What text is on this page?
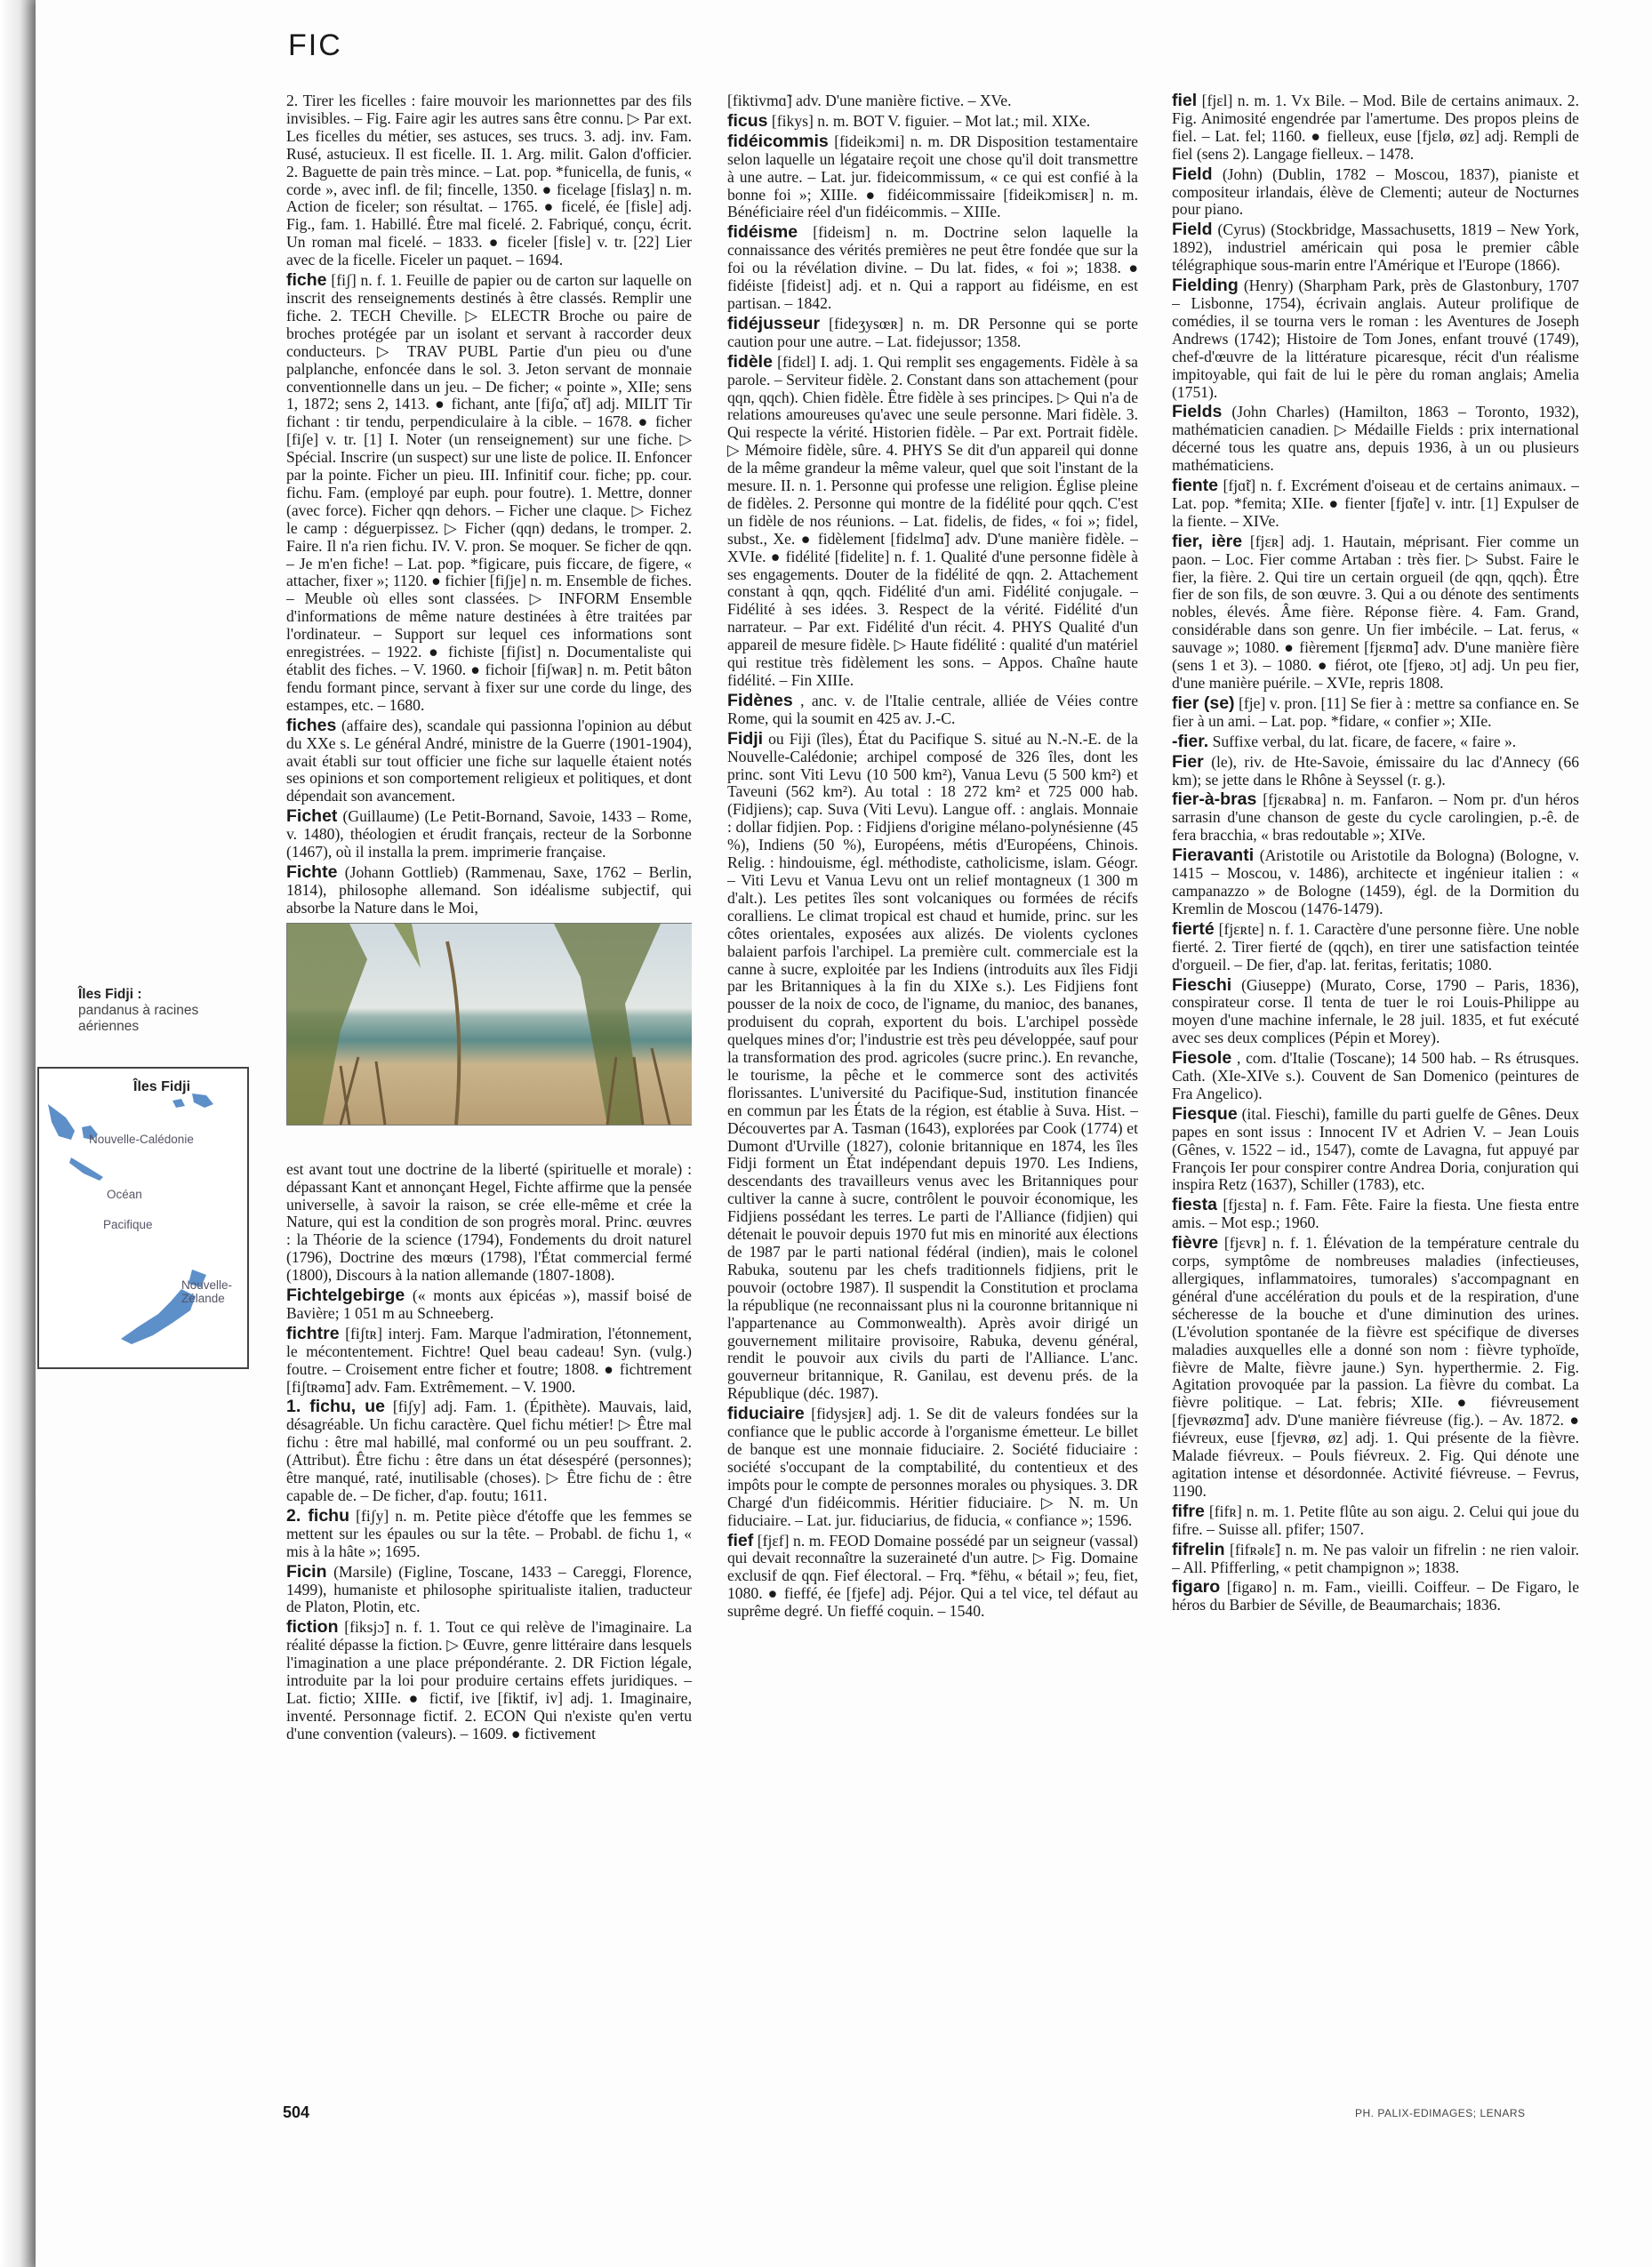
FIC
Îles Fidji :
pandanus à racines aériennes
Îles Fidji
Nouvelle-Calédonie
Océan
Pacifique
Nouvelle-Zélande

2. Tirer les ficelles : faire mouvoir les marionnettes par des fils invisibles. – Fig. Faire agir les autres sans être connu. ▷ Par ext. Les ficelles du métier, ses astuces, ses trucs. 3. adj. inv. Fam. Rusé, astucieux. Il est ficelle. II. 1. Arg. milit. Galon d'officier. 2. Baguette de pain très mince. – Lat. pop. *funicella, de funis, « corde », avec infl. de fil; fincelle, 1350. ● ficelage [fislaʒ] n. m. Action de ficeler; son résultat. – 1765. ● ficelé, ée [fisle] adj. Fig., fam. 1. Habillé. Être mal ficelé. 2. Fabriqué, conçu, écrit. Un roman mal ficelé. – 1833. ● ficeler [fisle] v. tr. [22] Lier avec de la ficelle. Ficeler un paquet. – 1694.

fiche [fiʃ] n. f. 1. Feuille de papier ou de carton sur laquelle on inscrit des renseignements destinés à être classés. Remplir une fiche. 2. TECH Cheville. ▷ ELECTR Broche ou paire de broches protégée par un isolant et servant à raccorder deux conducteurs. ▷ TRAV PUBL Partie d'un pieu ou d'une palplanche, enfoncée dans le sol. 3. Jeton servant de monnaie conventionnelle dans un jeu. – De ficher; « pointe », XIIe; sens 1, 1872; sens 2, 1413. ● fichant, ante [fiʃɑ̃, ɑ̃t] adj. MILIT Tir fichant : tir tendu, perpendiculaire à la cible. – 1678. ● ficher [fiʃe] v. tr. [1] I. Noter (un renseignement) sur une fiche. ▷ Spécial. Inscrire (un suspect) sur une liste de police. II. Enfoncer par la pointe. Ficher un pieu. III. Infinitif cour. fiche; pp. cour. fichu. Fam. (employé par euph. pour foutre). 1. Mettre, donner (avec force). Ficher qqn dehors. – Ficher une claque. ▷ Fichez le camp : déguerpissez. ▷ Ficher (qqn) dedans, le tromper. 2. Faire. Il n'a rien fichu. IV. V. pron. Se moquer. Se ficher de qqn. – Je m'en fiche! – Lat. pop. *figicare, puis ficcare, de figere, « attacher, fixer »; 1120. ● fichier [fiʃje] n. m. Ensemble de fiches. – Meuble où elles sont classées. ▷ INFORM Ensemble d'informations de même nature destinées à être traitées par l'ordinateur. – Support sur lequel ces informations sont enregistrées. – 1922. ● fichiste [fiʃist] n. Documentaliste qui établit des fiches. – V. 1960. ● fichoir [fiʃwaʀ] n. m. Petit bâton fendu formant pince, servant à fixer sur une corde du linge, des estampes, etc. – 1680.

fiches (affaire des), scandale qui passionna l'opinion au début du XXe s. Le général André, ministre de la Guerre (1901-1904), avait établi sur tout officier une fiche sur laquelle étaient notés ses opinions et son comportement religieux et politiques, et dont dépendait son avancement.

Fichet (Guillaume) (Le Petit-Bornand, Savoie, 1433 – Rome, v. 1480), théologien et érudit français, recteur de la Sorbonne (1467), où il installa la prem. imprimerie française.

Fichte (Johann Gottlieb) (Rammenau, Saxe, 1762 – Berlin, 1814), philosophe allemand. Son idéalisme subjectif, qui absorbe la Nature dans le Moi,

est avant tout une doctrine de la liberté (spirituelle et morale) : dépassant Kant et annonçant Hegel, Fichte affirme que la pensée universelle, à savoir la raison, se crée elle-même et crée la Nature, qui est la condition de son progrès moral. Princ. œuvres : la Théorie de la science (1794), Fondements du droit naturel (1796), Doctrine des mœurs (1798), l'État commercial fermé (1800), Discours à la nation allemande (1807-1808).

Fichtelgebirge (« monts aux épicéas »), massif boisé de Bavière; 1 051 m au Schneeberg.

fichtre [fiʃtʀ] interj. Fam. Marque l'admiration, l'étonnement, le mécontentement. Fichtre! Quel beau cadeau! Syn. (vulg.) foutre. – Croisement entre ficher et foutre; 1808. ● fichtrement [fiʃtʀəmɑ̃] adv. Fam. Extrêmement. – V. 1900.

1. fichu, ue [fiʃy] adj. Fam. 1. (Épithète). Mauvais, laid, désagréable. Un fichu caractère. Quel fichu métier! ▷ Être mal fichu : être mal habillé, mal conformé ou un peu souffrant. 2. (Attribut). Être fichu : être dans un état désespéré (personnes); être manqué, raté, inutilisable (choses). ▷ Être fichu de : être capable de. – De ficher, d'ap. foutu; 1611.

2. fichu [fiʃy] n. m. Petite pièce d'étoffe que les femmes se mettent sur les épaules ou sur la tête. – Probabl. de fichu 1, « mis à la hâte »; 1695.

Ficin (Marsile) (Figline, Toscane, 1433 – Careggi, Florence, 1499), humaniste et philosophe spiritualiste italien, traducteur de Platon, Plotin, etc.

fiction [fiksjɔ̃] n. f. 1. Tout ce qui relève de l'imaginaire. La réalité dépasse la fiction. ▷ Œuvre, genre littéraire dans lesquels l'imagination a une place prépondérante. 2. DR Fiction légale, introduite par la loi pour produire certains effets juridiques. – Lat. fictio; XIIIe. ● fictif, ive [fiktif, iv] adj. 1. Imaginaire, inventé. Personnage fictif. 2. ECON Qui n'existe qu'en vertu d'une convention (valeurs). – 1609. ● fictivement

[fiktivmɑ̃] adv. D'une manière fictive. – XVe.

ficus [fikys] n. m. BOT V. figuier. – Mot lat.; mil. XIXe.

fidéicommis [fideikɔmi] n. m. DR Disposition testamentaire selon laquelle un légataire reçoit une chose qu'il doit transmettre à une autre. – Lat. jur. fideicommissum, « ce qui est confié à la bonne foi »; XIIIe. ● fidéicommissaire [fideikɔmisɛʀ] n. m. Bénéficiaire réel d'un fidéicommis. – XIIIe.

fidéisme [fideism] n. m. Doctrine selon laquelle la connaissance des vérités premières ne peut être fondée que sur la foi ou la révélation divine. – Du lat. fides, « foi »; 1838. ● fidéiste [fideist] adj. et n. Qui a rapport au fidéisme, en est partisan. – 1842.

fidéjusseur [fideʒysœʀ] n. m. DR Personne qui se porte caution pour une autre. – Lat. fidejussor; 1358.

fidèle [fidɛl] I. adj. 1. Qui remplit ses engagements. Fidèle à sa parole. – Serviteur fidèle. 2. Constant dans son attachement (pour qqn, qqch). Chien fidèle. Être fidèle à ses principes. ▷ Qui n'a de relations amoureuses qu'avec une seule personne. Mari fidèle. 3. Qui respecte la vérité. Historien fidèle. – Par ext. Portrait fidèle. ▷ Mémoire fidèle, sûre. 4. PHYS Se dit d'un appareil qui donne de la même grandeur la même valeur, quel que soit l'instant de la mesure. II. n. 1. Personne qui professe une religion. Église pleine de fidèles. 2. Personne qui montre de la fidélité pour qqch. C'est un fidèle de nos réunions. – Lat. fidelis, de fides, « foi »; fidel, subst., Xe. ● fidèlement [fidɛlmɑ̃] adv. D'une manière fidèle. – XVIe. ● fidélité [fidelite] n. f. 1. Qualité d'une personne fidèle à ses engagements. Douter de la fidélité de qqn. 2. Attachement constant à qqn, qqch. Fidélité d'un ami. Fidélité conjugale. – Fidélité à ses idées. 3. Respect de la vérité. Fidélité d'un narrateur. – Par ext. Fidélité d'un récit. 4. PHYS Qualité d'un appareil de mesure fidèle. ▷ Haute fidélité : qualité d'un matériel qui restitue très fidèlement les sons. – Appos. Chaîne haute fidélité. – Fin XIIIe.

Fidènes , anc. v. de l'Italie centrale, alliée de Véies contre Rome, qui la soumit en 425 av. J.-C.

Fidji ou Fiji (îles), État du Pacifique S. situé au N.-N.-E. de la Nouvelle-Calédonie; archipel composé de 326 îles, dont les princ. sont Viti Levu (10 500 km²), Vanua Levu (5 500 km²) et Taveuni (562 km²). Au total : 18 272 km² et 725 000 hab. (Fidjiens); cap. Suva (Viti Levu). Langue off. : anglais. Monnaie : dollar fidjien. Pop. : Fidjiens d'origine mélano-polynésienne (45 %), Indiens (50 %), Européens, métis d'Européens, Chinois. Relig. : hindouisme, égl. méthodiste, catholicisme, islam. Géogr. – Viti Levu et Vanua Levu ont un relief montagneux (1 300 m d'alt.). Les petites îles sont volcaniques ou formées de récifs coralliens. Le climat tropical est chaud et humide, princ. sur les côtes orientales, exposées aux alizés. De violents cyclones balaient parfois l'archipel. La première cult. commerciale est la canne à sucre, exploitée par les Indiens (introduits aux îles Fidji par les Britanniques à la fin du XIXe s.). Les Fidjiens font pousser de la noix de coco, de l'igname, du manioc, des bananes, produisent du coprah, exportent du bois. L'archipel possède quelques mines d'or; l'industrie est très peu développée, sauf pour la transformation des prod. agricoles (sucre princ.). En revanche, le tourisme, la pêche et le commerce sont des activités florissantes. L'université du Pacifique-Sud, institution financée en commun par les États de la région, est établie à Suva. Hist. – Découvertes par A. Tasman (1643), explorées par Cook (1774) et Dumont d'Urville (1827), colonie britannique en 1874, les îles Fidji forment un État indépendant depuis 1970. Les Indiens, descendants des travailleurs venus avec les Britanniques pour cultiver la canne à sucre, contrôlent le pouvoir économique, les Fidjiens possédant les terres. Le parti de l'Alliance (fidjien) qui détenait le pouvoir depuis 1970 fut mis en minorité aux élections de 1987 par le parti national fédéral (indien), mais le colonel Rabuka, soutenu par les chefs traditionnels fidjiens, prit le pouvoir (octobre 1987). Il suspendit la Constitution et proclama la république (ne reconnaissant plus ni la couronne britannique ni l'appartenance au Commonwealth). Après avoir dirigé un gouvernement militaire provisoire, Rabuka, devenu général, rendit le pouvoir aux civils du parti de l'Alliance. L'anc. gouverneur britannique, R. Ganilau, est devenu prés. de la République (déc. 1987).

fiduciaire [fidysjɛʀ] adj. 1. Se dit de valeurs fondées sur la confiance que le public accorde à l'organisme émetteur. Le billet de banque est une monnaie fiduciaire. 2. Société fiduciaire : société s'occupant de la comptabilité, du contentieux et des impôts pour le compte de personnes morales ou physiques. 3. DR Chargé d'un fidéicommis. Héritier fiduciaire. ▷ N. m. Un fiduciaire. – Lat. jur. fiduciarius, de fiducia, « confiance »; 1596.

fief [fjɛf] n. m. FEOD Domaine possédé par un seigneur (vassal) qui devait reconnaître la suzeraineté d'un autre. ▷ Fig. Domaine exclusif de qqn. Fief électoral. – Frq. *fëhu, « bétail »; feu, fiet, 1080. ● fieffé, ée [fjefe] adj. Péjor. Qui a tel vice, tel défaut au suprême degré. Un fieffé coquin. – 1540.

fiel [fjɛl] n. m. 1. Vx Bile. – Mod. Bile de certains animaux. 2. Fig. Animosité engendrée par l'amertume. Des propos pleins de fiel. – Lat. fel; 1160. ● fielleux, euse [fjɛlø, øz] adj. Rempli de fiel (sens 2). Langage fielleux. – 1478.

Field (John) (Dublin, 1782 – Moscou, 1837), pianiste et compositeur irlandais, élève de Clementi; auteur de Nocturnes pour piano.

Field (Cyrus) (Stockbridge, Massachusetts, 1819 – New York, 1892), industriel américain qui posa le premier câble télégraphique sous-marin entre l'Amérique et l'Europe (1866).

Fielding (Henry) (Sharpham Park, près de Glastonbury, 1707 – Lisbonne, 1754), écrivain anglais. Auteur prolifique de comédies, il se tourna vers le roman : les Aventures de Joseph Andrews (1742); Histoire de Tom Jones, enfant trouvé (1749), chef-d'œuvre de la littérature picaresque, récit d'un réalisme impitoyable, qui fait de lui le père du roman anglais; Amelia (1751).

Fields (John Charles) (Hamilton, 1863 – Toronto, 1932), mathématicien canadien. ▷ Médaille Fields : prix international décerné tous les quatre ans, depuis 1936, à un ou plusieurs mathématiciens.

fiente [fjɑ̃t] n. f. Excrément d'oiseau et de certains animaux. – Lat. pop. *femita; XIIe. ● fienter [fjɑ̃te] v. intr. [1] Expulser de la fiente. – XIVe.

fier, ière [fjɛʀ] adj. 1. Hautain, méprisant. Fier comme un paon. – Loc. Fier comme Artaban : très fier. ▷ Subst. Faire le fier, la fière. 2. Qui tire un certain orgueil (de qqn, qqch). Être fier de son fils, de son œuvre. 3. Qui a ou dénote des sentiments nobles, élevés. Âme fière. Réponse fière. 4. Fam. Grand, considérable dans son genre. Un fier imbécile. – Lat. ferus, « sauvage »; 1080. ● fièrement [fjɛʀmɑ̃] adv. D'une manière fière (sens 1 et 3). – 1080. ● fiérot, ote [fjeʀo, ɔt] adj. Un peu fier, d'une manière puérile. – XVIe, repris 1808.

fier (se) [fje] v. pron. [11] Se fier à : mettre sa confiance en. Se fier à un ami. – Lat. pop. *fidare, « confier »; XIIe.

-fier. Suffixe verbal, du lat. ficare, de facere, « faire ».

Fier (le), riv. de Hte-Savoie, émissaire du lac d'Annecy (66 km); se jette dans le Rhône à Seyssel (r. g.).

fier-à-bras [fjɛʀabʀa] n. m. Fanfaron. – Nom pr. d'un héros sarrasin d'une chanson de geste du cycle carolingien, p.-ê. de fera bracchia, « bras redoutable »; XIVe.

Fieravanti (Aristotile ou Aristotile da Bologna) (Bologne, v. 1415 – Moscou, v. 1486), architecte et ingénieur italien : « campanazzo » de Bologne (1459), égl. de la Dormition du Kremlin de Moscou (1476-1479).

fierté [fjɛʀte] n. f. 1. Caractère d'une personne fière. Une noble fierté. 2. Tirer fierté de (qqch), en tirer une satisfaction teintée d'orgueil. – De fier, d'ap. lat. feritas, feritatis; 1080.

Fieschi (Giuseppe) (Murato, Corse, 1790 – Paris, 1836), conspirateur corse. Il tenta de tuer le roi Louis-Philippe au moyen d'une machine infernale, le 28 juil. 1835, et fut exécuté avec ses deux complices (Pépin et Morey).

Fiesole , com. d'Italie (Toscane); 14 500 hab. – Rs étrusques. Cath. (XIe-XIVe s.). Couvent de San Domenico (peintures de Fra Angelico).

Fiesque (ital. Fieschi), famille du parti guelfe de Gênes. Deux papes en sont issus : Innocent IV et Adrien V. – Jean Louis (Gênes, v. 1522 – id., 1547), comte de Lavagna, fut appuyé par François Ier pour conspirer contre Andrea Doria, conjuration qui inspira Retz (1637), Schiller (1783), etc.

fiesta [fjɛsta] n. f. Fam. Fête. Faire la fiesta. Une fiesta entre amis. – Mot esp.; 1960.

fièvre [fjɛvʀ] n. f. 1. Élévation de la température centrale du corps, symptôme de nombreuses maladies (infectieuses, allergiques, inflammatoires, tumorales) s'accompagnant en général d'une accélération du pouls et de la respiration, d'une sécheresse de la bouche et d'une diminution des urines. (L'évolution spontanée de la fièvre est spécifique de diverses maladies auxquelles elle a donné son nom : fièvre typhoïde, fièvre de Malte, fièvre jaune.) Syn. hyperthermie. 2. Fig. Agitation provoquée par la passion. La fièvre du combat. La fièvre politique. – Lat. febris; XIIe. ● fiévreusement [fjevʀøzmɑ̃] adv. D'une manière fiévreuse (fig.). – Av. 1872. ● fiévreux, euse [fjevʀø, øz] adj. 1. Qui présente de la fièvre. Malade fiévreux. – Pouls fiévreux. 2. Fig. Qui dénote une agitation intense et désordonnée. Activité fiévreuse. – Fevrus, 1190.

fifre [fifʀ] n. m. 1. Petite flûte au son aigu. 2. Celui qui joue du fifre. – Suisse all. pfifer; 1507.

fifrelin [fifʀəlɛ̃] n. m. Ne pas valoir un fifrelin : ne rien valoir. – All. Pfifferling, « petit champignon »; 1838.

figaro [figaʀo] n. m. Fam., vieilli. Coiffeur. – De Figaro, le héros du Barbier de Séville, de Beaumarchais; 1836.

504	PH. PALIX-EDIMAGES; LENARS
